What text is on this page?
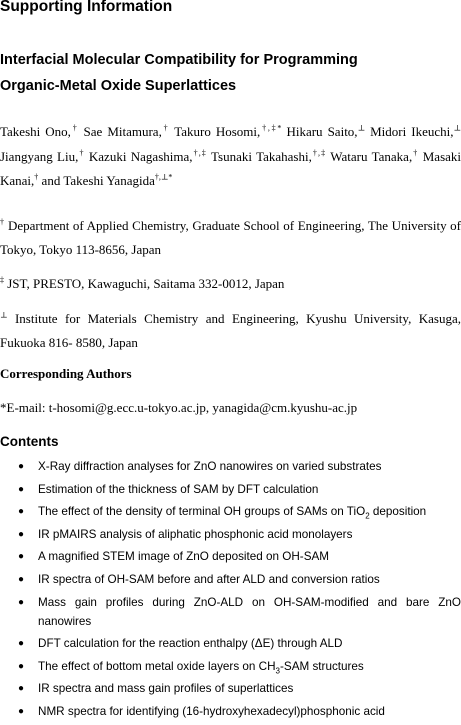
Supporting Information
Interfacial Molecular Compatibility for Programming
Organic-Metal Oxide Superlattices
Takeshi Ono,† Sae Mitamura,† Takuro Hosomi,†,‡* Hikaru Saito,⊥ Midori Ikeuchi,⊥ Jiangyang Liu,† Kazuki Nagashima,†,‡ Tsunaki Takahashi,†,‡ Wataru Tanaka,† Masaki Kanai,† and Takeshi Yanagida†,⊥*
† Department of Applied Chemistry, Graduate School of Engineering, The University of
Tokyo, Tokyo 113-8656, Japan
‡ JST, PRESTO, Kawaguchi, Saitama 332-0012, Japan
⊥ Institute for Materials Chemistry and Engineering, Kyushu University, Kasuga,
Fukuoka 816- 8580, Japan
Corresponding Authors
*E-mail: t-hosomi@g.ecc.u-tokyo.ac.jp, yanagida@cm.kyushu-ac.jp
Contents
● X-Ray diffraction analyses for ZnO nanowires on varied substrates
● Estimation of the thickness of SAM by DFT calculation
● The effect of the density of terminal OH groups of SAMs on TiO$_2$ deposition
● IR pMAIRS analysis of aliphatic phosphonic acid monolayers
● A magnified STEM image of ZnO deposited on OH-SAM
● IR spectra of OH-SAM before and after ALD and conversion ratios
● Mass gain profiles during ZnO-ALD on OH-SAM-modified and bare ZnO nanowires
● DFT calculation for the reaction enthalpy (ΔE) through ALD
● The effect of bottom metal oxide layers on $CH_3$-SAM structures
● IR spectra and mass gain profiles of superlattices
● NMR spectra for identifying (16-hydroxyhexadecyl)phosphonic acid
